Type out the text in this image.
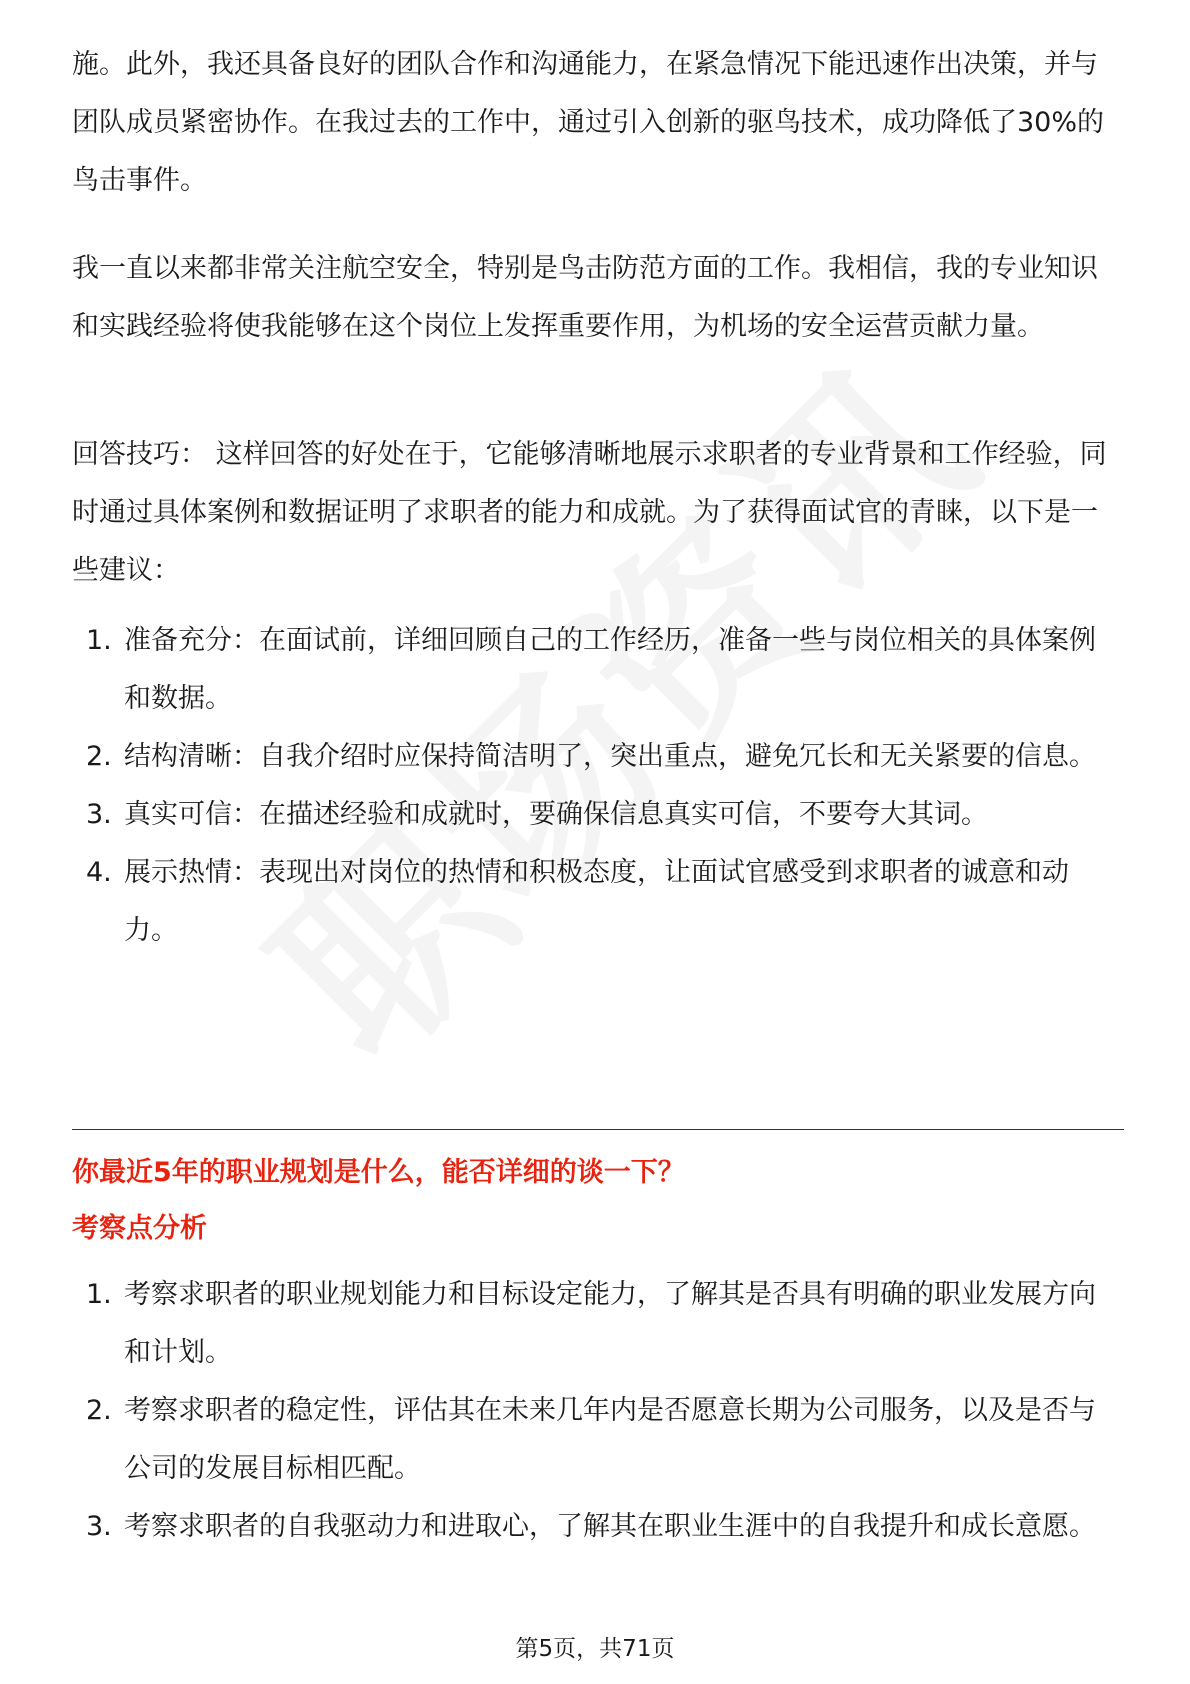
施。此外，我还具备良好的团队合作和沟通能力，在紧急情况下能迅速作出决策，并与团队成员紧密协作。在我过去的工作中，通过引入创新的驱鸟技术，成功降低了30%的鸟击事件。

我一直以来都非常关注航空安全，特别是鸟击防范方面的工作。我相信，我的专业知识和实践经验将使我能够在这个岗位上发挥重要作用，为机场的安全运营贡献力量。

回答技巧： 这样回答的好处在于，它能够清晰地展示求职者的专业背景和工作经验，同时通过具体案例和数据证明了求职者的能力和成就。为了获得面试官的青睐，以下是一些建议：

1. 准备充分：在面试前，详细回顾自己的工作经历，准备一些与岗位相关的具体案例和数据。
2. 结构清晰：自我介绍时应保持简洁明了，突出重点，避免冗长和无关紧要的信息。
3. 真实可信：在描述经验和成就时，要确保信息真实可信，不要夸大其词。
4. 展示热情：表现出对岗位的热情和积极态度，让面试官感受到求职者的诚意和动力。
你最近5年的职业规划是什么，能否详细的谈一下？
考察点分析
1. 考察求职者的职业规划能力和目标设定能力，了解其是否具有明确的职业发展方向和计划。
2. 考察求职者的稳定性，评估其在未来几年内是否愿意长期为公司服务，以及是否与公司的发展目标相匹配。
3. 考察求职者的自我驱动力和进取心，了解其在职业生涯中的自我提升和成长意愿。
第5页，共71页
